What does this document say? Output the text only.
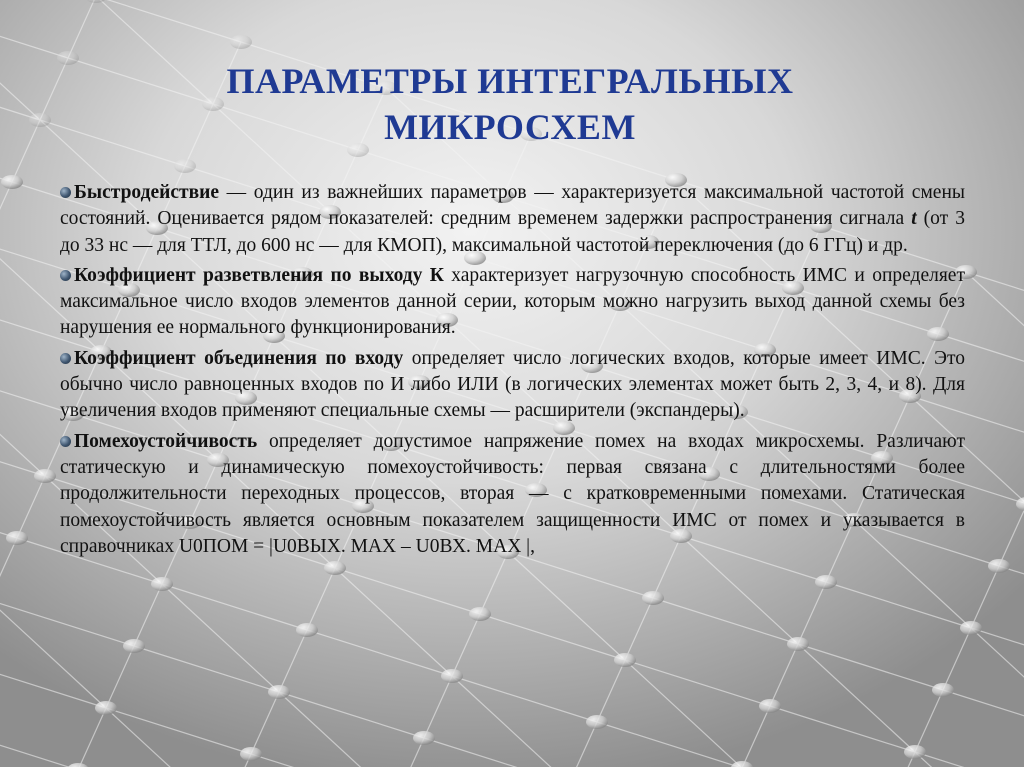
ПАРАМЕТРЫ ИНТЕГРАЛЬНЫХ
МИКРОСХЕМ

Быстродействие — один из важнейших параметров — характеризуется максимальной частотой смены состояний. Оценивается рядом показателей: средним временем задержки распространения сигнала t (от 3 до 33 нс — для ТТЛ, до 600 нс — для КМОП), максимальной частотой переключения (до 6 ГГц) и др.

Коэффициент разветвления по выходу К характеризует нагрузочную способность ИМС и определяет максимальное число входов элементов данной серии, которым можно нагрузить выход данной схемы без нарушения ее нормального функционирования.

Коэффициент объединения по входу определяет число логических входов, которые имеет ИМС. Это обычно число равноценных входов по И либо ИЛИ (в логических элементах может быть 2, 3, 4, и 8). Для увеличения входов применяют специальные схемы — расширители (экспандеры).

Помехоустойчивость определяет допустимое напряжение помех на входах микросхемы. Различают статическую и динамическую помехоустойчивость: первая связана с длительностями более продолжительности переходных процессов, вторая — с кратковременными помехами. Статическая помехоустойчивость является основным показателем защищенности ИМС от помех и указывается в справочниках U0ПОМ = |U0ВЫХ. MAX – U0ВХ. MAX |,
